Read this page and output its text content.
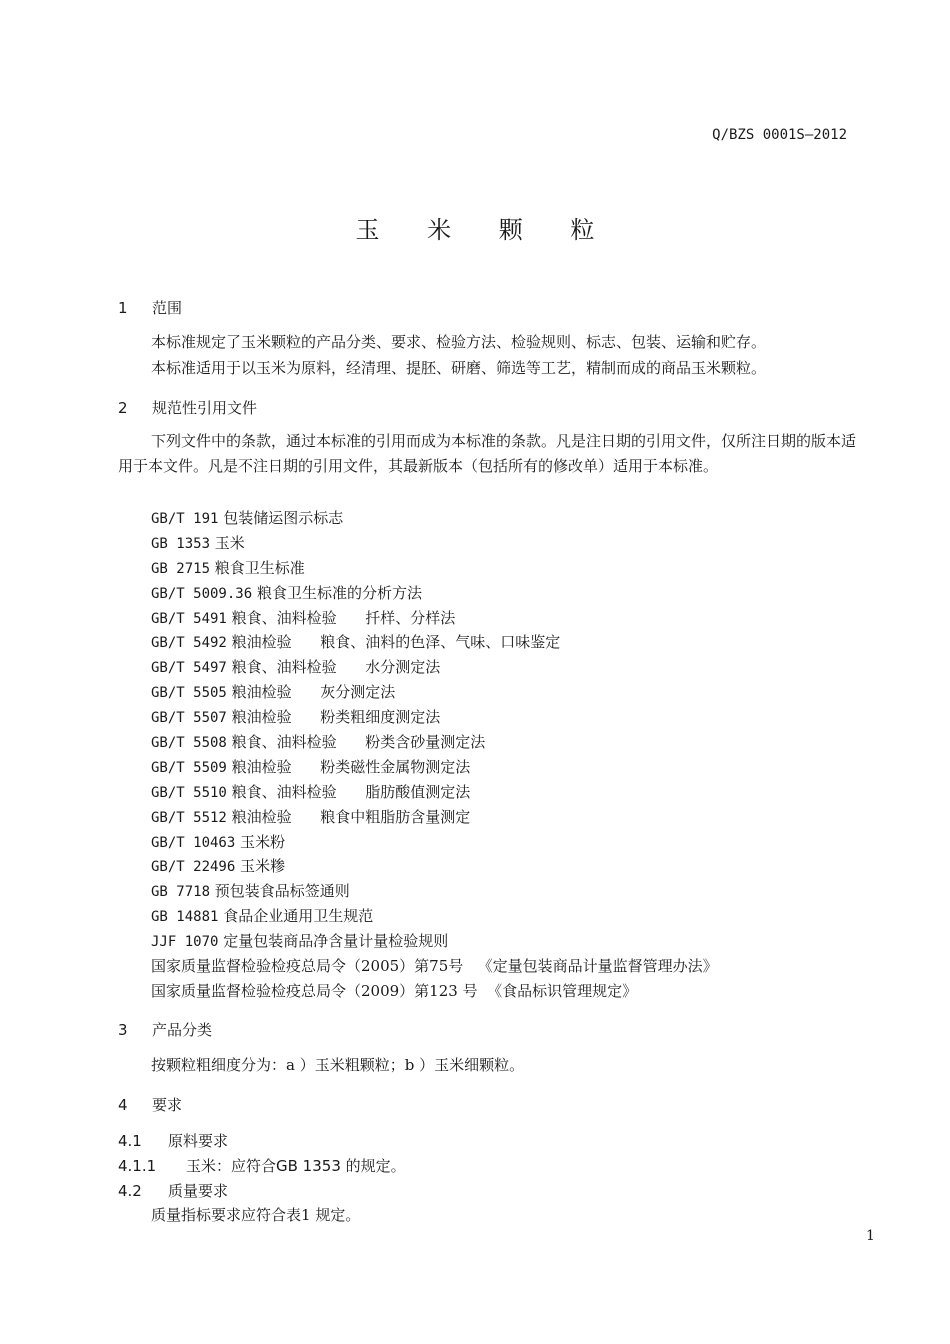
Q/BZS 0001S—2012
玉 米 颗 粒
1 范围
本标准规定了玉米颗粒的产品分类、要求、检验方法、检验规则、标志、包装、运输和贮存。
本标准适用于以玉米为原料，经清理、提胚、研磨、筛选等工艺，精制而成的商品玉米颗粒。
2 规范性引用文件
下列文件中的条款，通过本标准的引用而成为本标准的条款。凡是注日期的引用文件，仅所注日期的版本适用于本文件。凡是不注日期的引用文件，其最新版本（包括所有的修改单）适用于本标准。
GB/T 191 包装储运图示标志
GB 1353 玉米
GB 2715 粮食卫生标准
GB/T 5009.36 粮食卫生标准的分析方法
GB/T 5491 粮食、油料检验      扦样、分样法
GB/T 5492 粮油检验      粮食、油料的色泽、气味、口味鉴定
GB/T 5497 粮食、油料检验      水分测定法
GB/T 5505 粮油检验      灰分测定法
GB/T 5507 粮油检验      粉类粗细度测定法
GB/T 5508 粮食、油料检验      粉类含砂量测定法
GB/T 5509 粮油检验      粉类磁性金属物测定法
GB/T 5510 粮食、油料检验      脂肪酸值测定法
GB/T 5512 粮油检验      粮食中粗脂肪含量测定
GB/T 10463 玉米粉
GB/T 22496 玉米糁
GB 7718 预包装食品标签通则
GB 14881 食品企业通用卫生规范
JJF 1070 定量包装商品净含量计量检验规则
国家质量监督检验检疫总局令（2005）第75号   《定量包装商品计量监督管理办法》
国家质量监督检验检疫总局令（2009）第123 号  《食品标识管理规定》
3 产品分类
按颗粒粗细度分为：a ）玉米粗颗粒；b ）玉米细颗粒。
4 要求
4.1 原料要求
4.1.1 玉米：应符合GB 1353 的规定。
4.2 质量要求
质量指标要求应符合表1 规定。
1
